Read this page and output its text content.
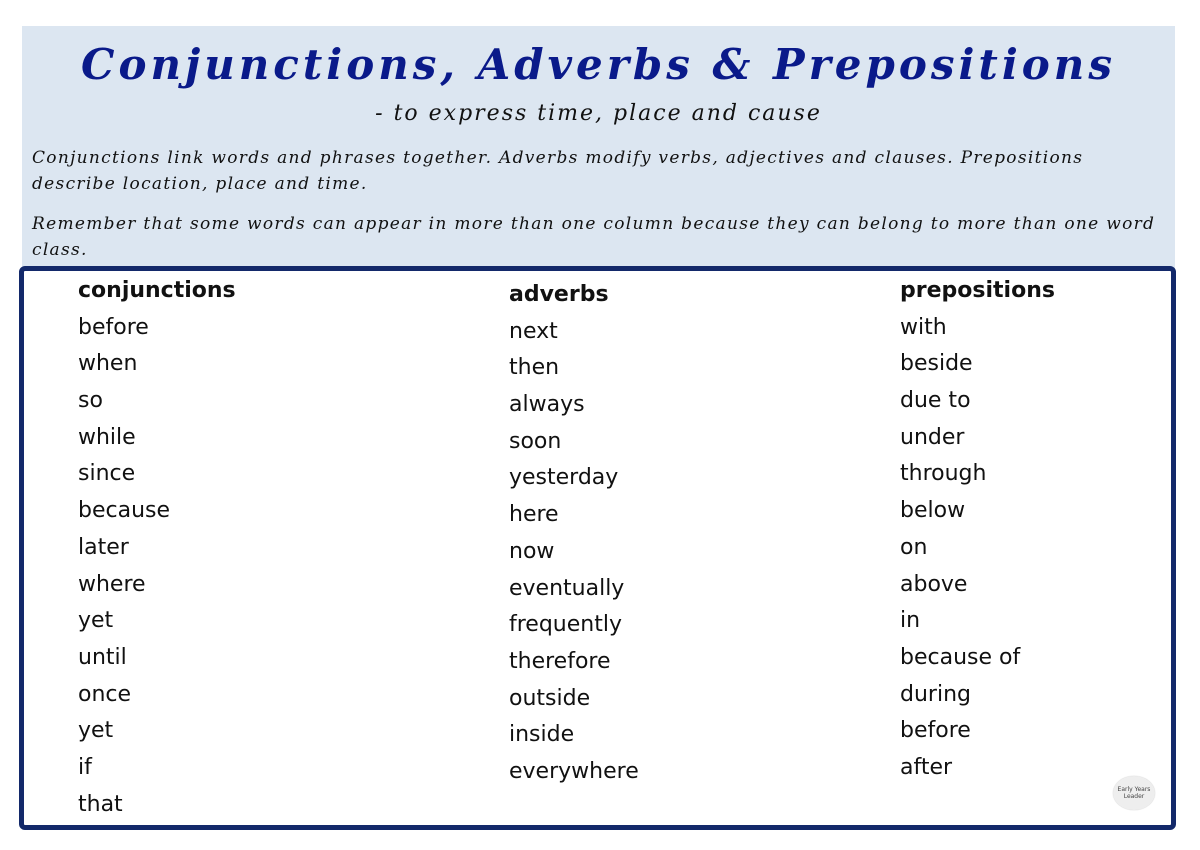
Conjunctions, Adverbs & Prepositions
- to express time, place and cause

Conjunctions link words and phrases together. Adverbs modify verbs, adjectives and clauses. Prepositions describe location, place and time.

Remember that some words can appear in more than one column because they can belong to more than one word class.

conjunctions
before
when
so
while
since
because
later
where
yet
until
once
yet
if
that
adverbs
next
then
always
soon
yesterday
here
now
eventually
frequently
therefore
outside
inside
everywhere
prepositions
with
beside
due to
under
through
below
on
above
in
because of
during
before
after
Early Years Leader
